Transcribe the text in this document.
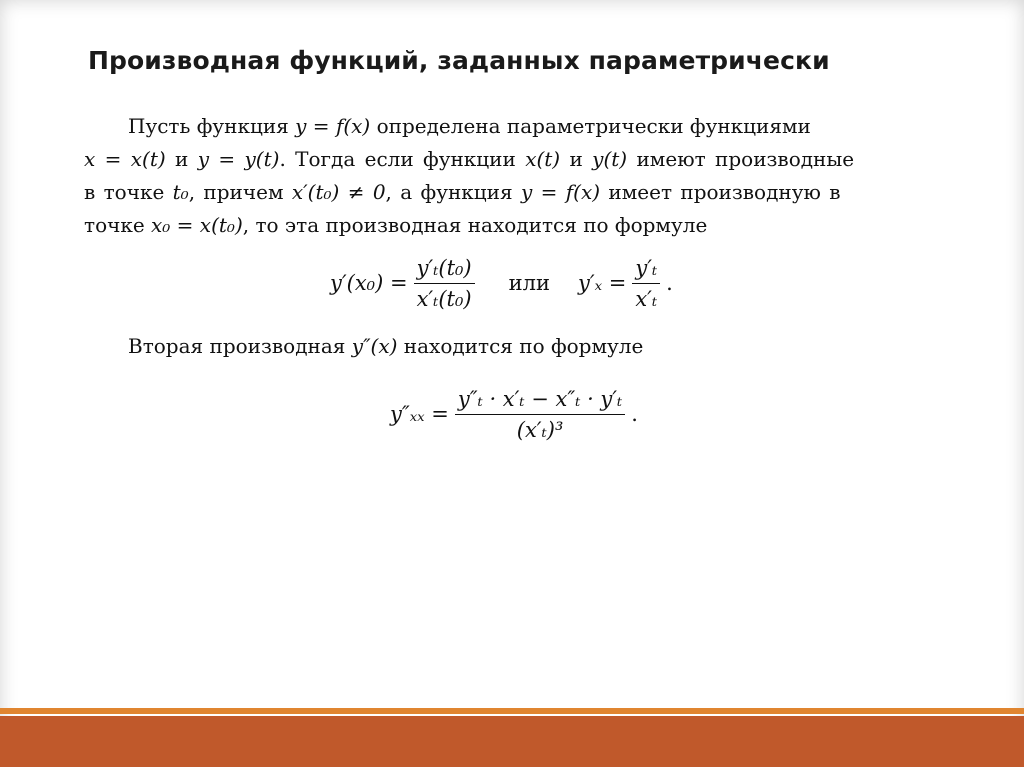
Производная функций, заданных параметрически
Пусть функция y = f(x) определена параметрически функциями
x = x(t) и y = y(t). Тогда если функции x(t) и y(t) имеют производные
в точке t₀, причем x′(t₀) ≠ 0, а функция y = f(x) имеет производную в
точке x₀ = x(t₀), то эта производная находится по формуле
$y'(x_0) = \frac{\text{y′ₜ(t₀)}}{\text{x′ₜ(t₀)}}$ или $y'_x = \frac{\text{y′ₜ}}{\text{x′ₜ}}$ .
Вторая производная y″(x) находится по формуле
$y''_{xx} = \frac{\text{y″ₜ · x′ₜ − x″ₜ · y′ₜ}}{\text{(x′ₜ)³}}$ .
